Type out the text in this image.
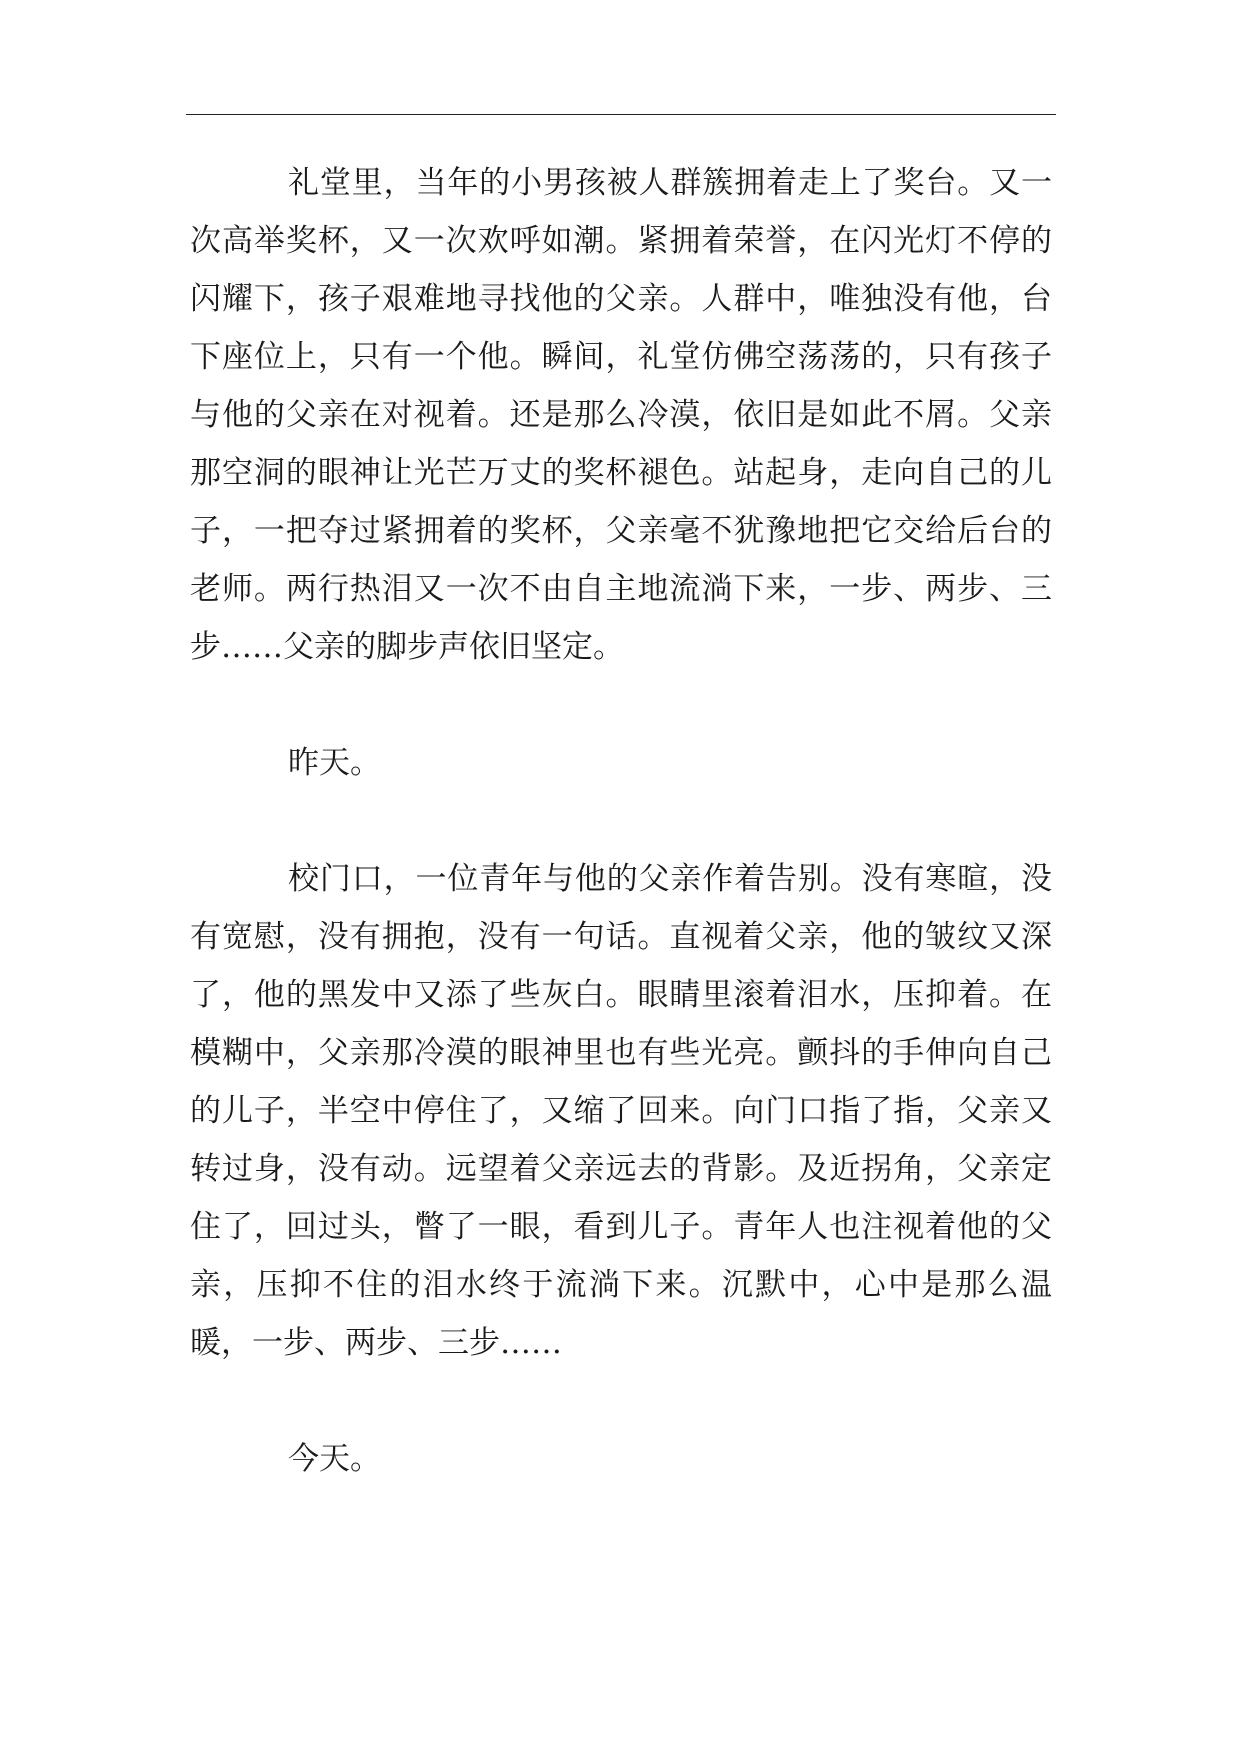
礼堂里，当年的小男孩被人群簇拥着走上了奖台。又一次高举奖杯，又一次欢呼如潮。紧拥着荣誉，在闪光灯不停的闪耀下，孩子艰难地寻找他的父亲。人群中，唯独没有他，台下座位上，只有一个他。瞬间，礼堂仿佛空荡荡的，只有孩子与他的父亲在对视着。还是那么冷漠，依旧是如此不屑。父亲那空洞的眼神让光芒万丈的奖杯褪色。站起身，走向自己的儿子，一把夺过紧拥着的奖杯，父亲毫不犹豫地把它交给后台的老师。两行热泪又一次不由自主地流淌下来，一步、两步、三步……父亲的脚步声依旧坚定。

昨天。

校门口，一位青年与他的父亲作着告别。没有寒暄，没有宽慰，没有拥抱，没有一句话。直视着父亲，他的皱纹又深了，他的黑发中又添了些灰白。眼睛里滚着泪水，压抑着。在模糊中，父亲那冷漠的眼神里也有些光亮。颤抖的手伸向自己的儿子，半空中停住了，又缩了回来。向门口指了指，父亲又转过身，没有动。远望着父亲远去的背影。及近拐角，父亲定住了，回过头，瞥了一眼，看到儿子。青年人也注视着他的父亲，压抑不住的泪水终于流淌下来。沉默中，心中是那么温暖，一步、两步、三步……

今天。
